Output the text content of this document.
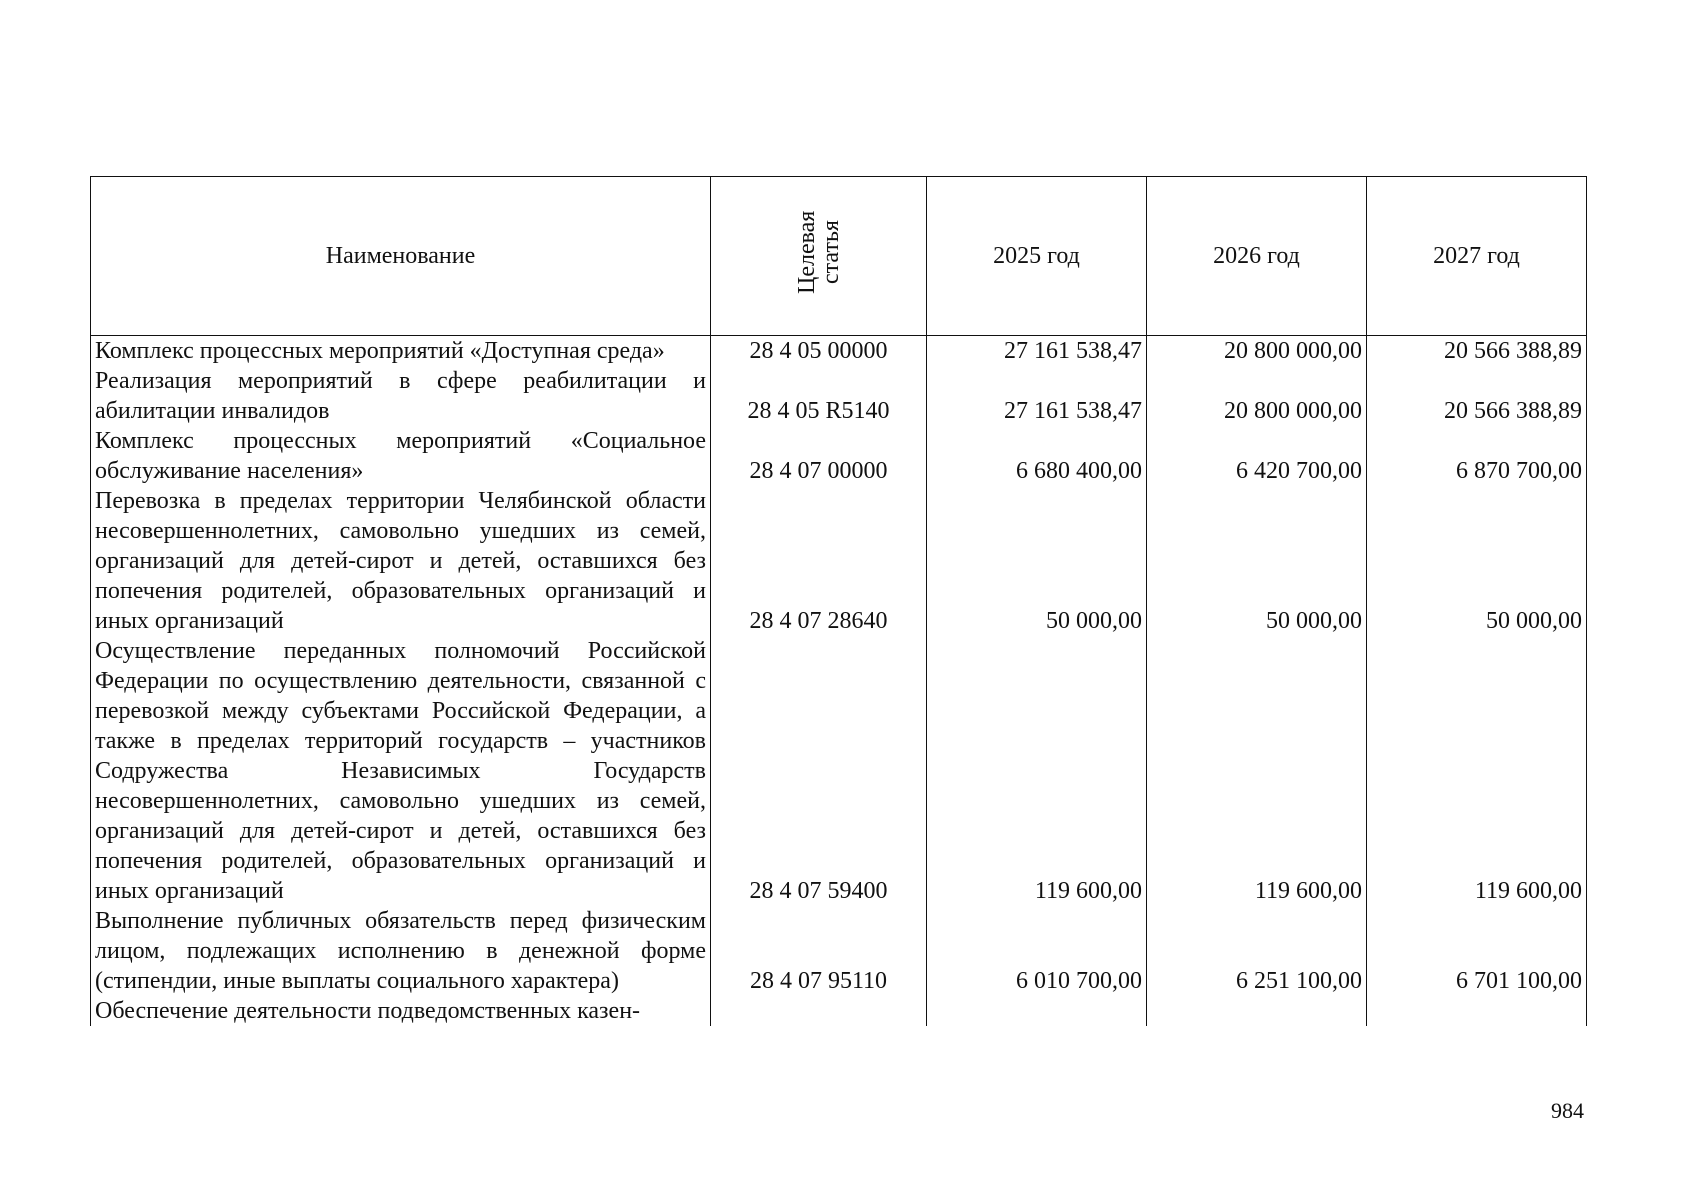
Наименование	Целевая статья	2025 год	2026 год	2027 год
Комплекс процессных мероприятий «Доступная среда»	28 4 05 00000	27 161 538,47	20 800 000,00	20 566 388,89
Реализация мероприятий в сфере реабилитации и абилитации инвалидов	28 4 05 R5140	27 161 538,47	20 800 000,00	20 566 388,89
Комплекс процессных мероприятий «Социальное обслуживание населения»	28 4 07 00000	6 680 400,00	6 420 700,00	6 870 700,00
Перевозка в пределах территории Челябинской области несовершеннолетних, самовольно ушедших из семей, организаций для детей-сирот и детей, оставшихся без попечения родителей, образовательных организаций и иных организаций	28 4 07 28640	50 000,00	50 000,00	50 000,00
Осуществление переданных полномочий Российской Федерации по осуществлению деятельности, связанной с перевозкой между субъектами Российской Федерации, а также в пределах территорий государств – участников Содружества Независимых Государств несовершеннолетних, самовольно ушедших из семей, организаций для детей-сирот и детей, оставшихся без попечения родителей, образовательных организаций и иных организаций	28 4 07 59400	119 600,00	119 600,00	119 600,00
Выполнение публичных обязательств перед физическим лицом, подлежащих исполнению в денежной форме (стипендии, иные выплаты социального характера)	28 4 07 95110	6 010 700,00	6 251 100,00	6 701 100,00
Обеспечение деятельности подведомственных казен-				
984
